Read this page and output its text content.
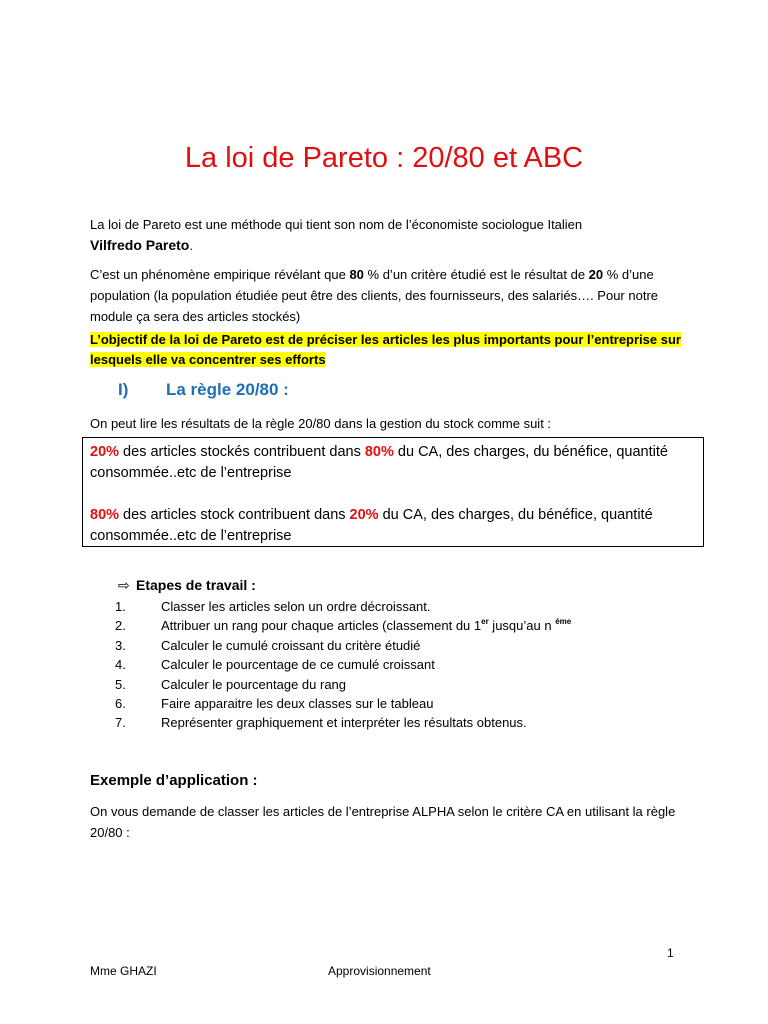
La loi de Pareto : 20/80 et ABC
La loi de Pareto est une méthode qui tient son nom de l’économiste sociologue Italien
Vilfredo Pareto.
C’est un phénomène empirique révélant que 80 % d’un critère étudié est le résultat de 20 % d’une population (la population étudiée peut être des clients, des fournisseurs, des salariés…. Pour notre module ça sera des articles stockés)
L’objectif de la loi de Pareto est de préciser les articles les plus importants pour l’entreprise sur lesquels elle va concentrer ses efforts
I) La règle 20/80 :
On peut lire les résultats de la règle 20/80 dans la gestion du stock comme suit :
20% des articles stockés contribuent dans 80% du CA, des charges, du bénéfice, quantité consommée..etc de l’entreprise
80% des articles stock contribuent dans 20% du CA, des charges, du bénéfice, quantité consommée..etc de l’entreprise
⇨ Etapes de travail :
1.	Classer les articles selon un ordre décroissant.
2.	Attribuer un rang pour chaque articles (classement du 1er jusqu’au n $^{éme}$
3.	Calculer le cumulé croissant du critère étudié
4.	Calculer le pourcentage de ce cumulé croissant
5.	Calculer le pourcentage du rang
6.	Faire apparaitre les deux classes sur le tableau
7.	Représenter graphiquement et interpréter les résultats obtenus.
Exemple d’application :
On vous demande de classer les articles de l’entreprise ALPHA selon le critère CA en utilisant la règle 20/80 :
1
Mme GHAZI	Approvisionnement
